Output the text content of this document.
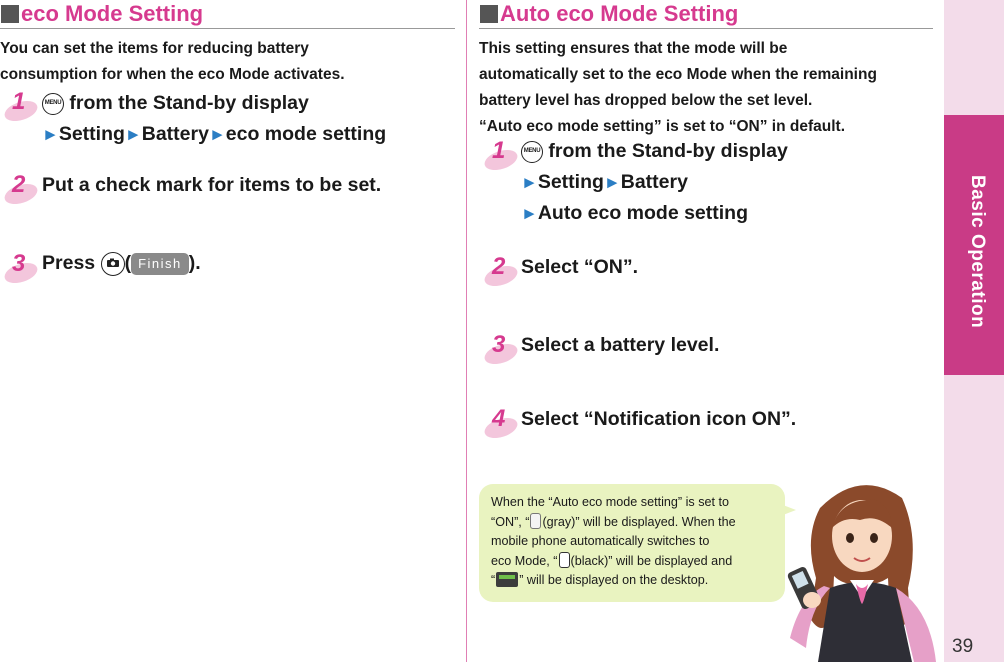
eco Mode Setting
You can set the items for reducing battery
consumption for when the eco Mode activates.
1	MENU from the Stand-by display
►Setting►Battery►eco mode setting
2 Put a check mark for items to be set.
3 Press
( Finish ).
Auto eco Mode Setting
This setting ensures that the mode will be
automatically set to the eco Mode when the remaining
battery level has dropped below the set level.
“Auto eco mode setting” is set to “ON” in default.
1	MENU from the Stand-by display
►Setting►Battery
►Auto eco mode setting
2 Select “ON”.
3 Select a battery level.
4 Select “Notification icon ON”.
When the “Auto eco mode setting” is set to
“ON”, “ (gray)” will be displayed. When the
mobile phone automatically switches to
eco Mode, “ (black)” will be displayed and
“ ” will be displayed on the desktop.
Basic Operation
39
